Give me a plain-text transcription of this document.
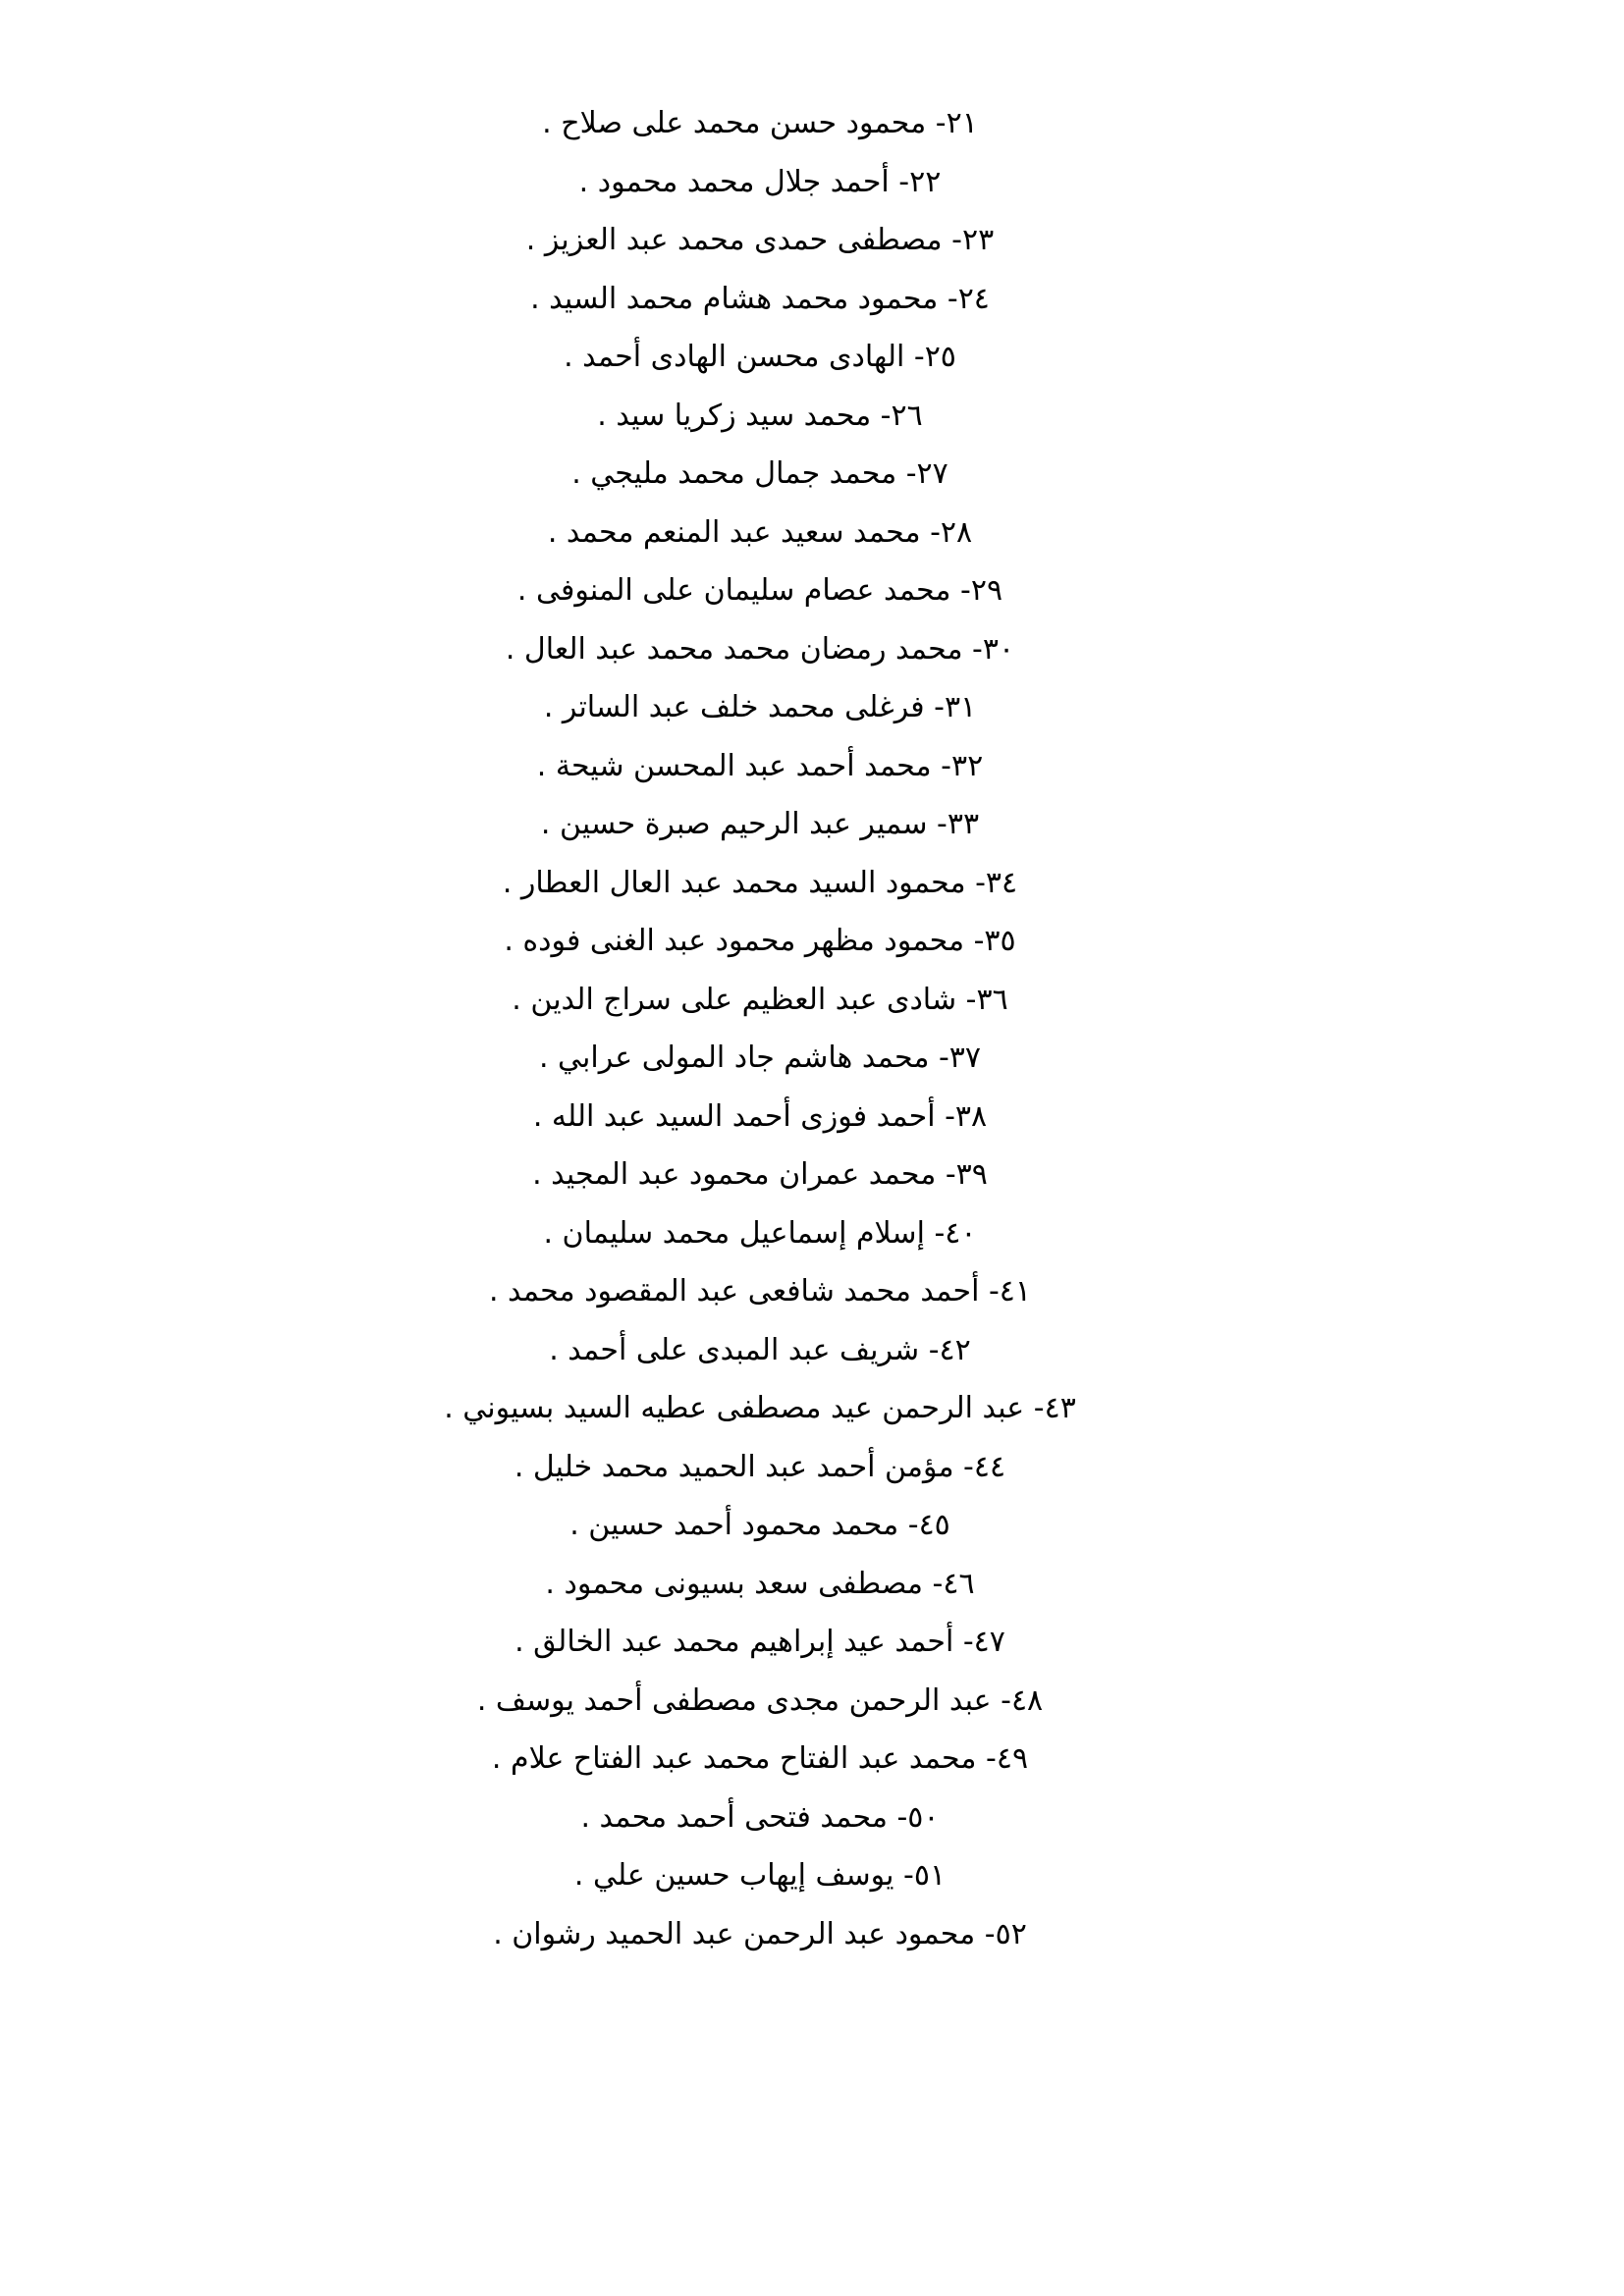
٢١- محمود حسن محمد على صلاح .
٢٢- أحمد جلال محمد محمود .
٢٣- مصطفى حمدى محمد عبد العزيز .
٢٤- محمود محمد هشام محمد السيد .
٢٥- الهادى محسن الهادى أحمد .
٢٦- محمد سيد زكريا سيد .
٢٧- محمد جمال محمد مليجي .
٢٨- محمد سعيد عبد المنعم محمد .
٢٩- محمد عصام سليمان على المنوفى .
٣٠- محمد رمضان محمد محمد عبد العال .
٣١- فرغلى محمد خلف عبد الساتر .
٣٢- محمد أحمد عبد المحسن شيحة .
٣٣- سمير عبد الرحيم صبرة حسين .
٣٤- محمود السيد محمد عبد العال العطار .
٣٥- محمود مظهر محمود عبد الغنى فوده .
٣٦- شادى عبد العظيم على سراج الدين .
٣٧- محمد هاشم جاد المولى عرابي .
٣٨- أحمد فوزى أحمد السيد عبد الله .
٣٩- محمد عمران محمود عبد المجيد .
٤٠- إسلام إسماعيل محمد سليمان .
٤١- أحمد محمد شافعى عبد المقصود محمد .
٤٢- شريف عبد المبدى على أحمد .
٤٣- عبد الرحمن عيد مصطفى عطيه السيد بسيوني .
٤٤- مؤمن أحمد عبد الحميد محمد خليل .
٤٥- محمد محمود أحمد حسين .
٤٦- مصطفى سعد بسيونى محمود .
٤٧- أحمد عيد إبراهيم محمد عبد الخالق .
٤٨- عبد الرحمن مجدى مصطفى أحمد يوسف .
٤٩- محمد عبد الفتاح محمد عبد الفتاح علام .
٥٠- محمد فتحى أحمد محمد .
٥١- يوسف إيهاب حسين علي .
٥٢- محمود عبد الرحمن عبد الحميد رشوان .
